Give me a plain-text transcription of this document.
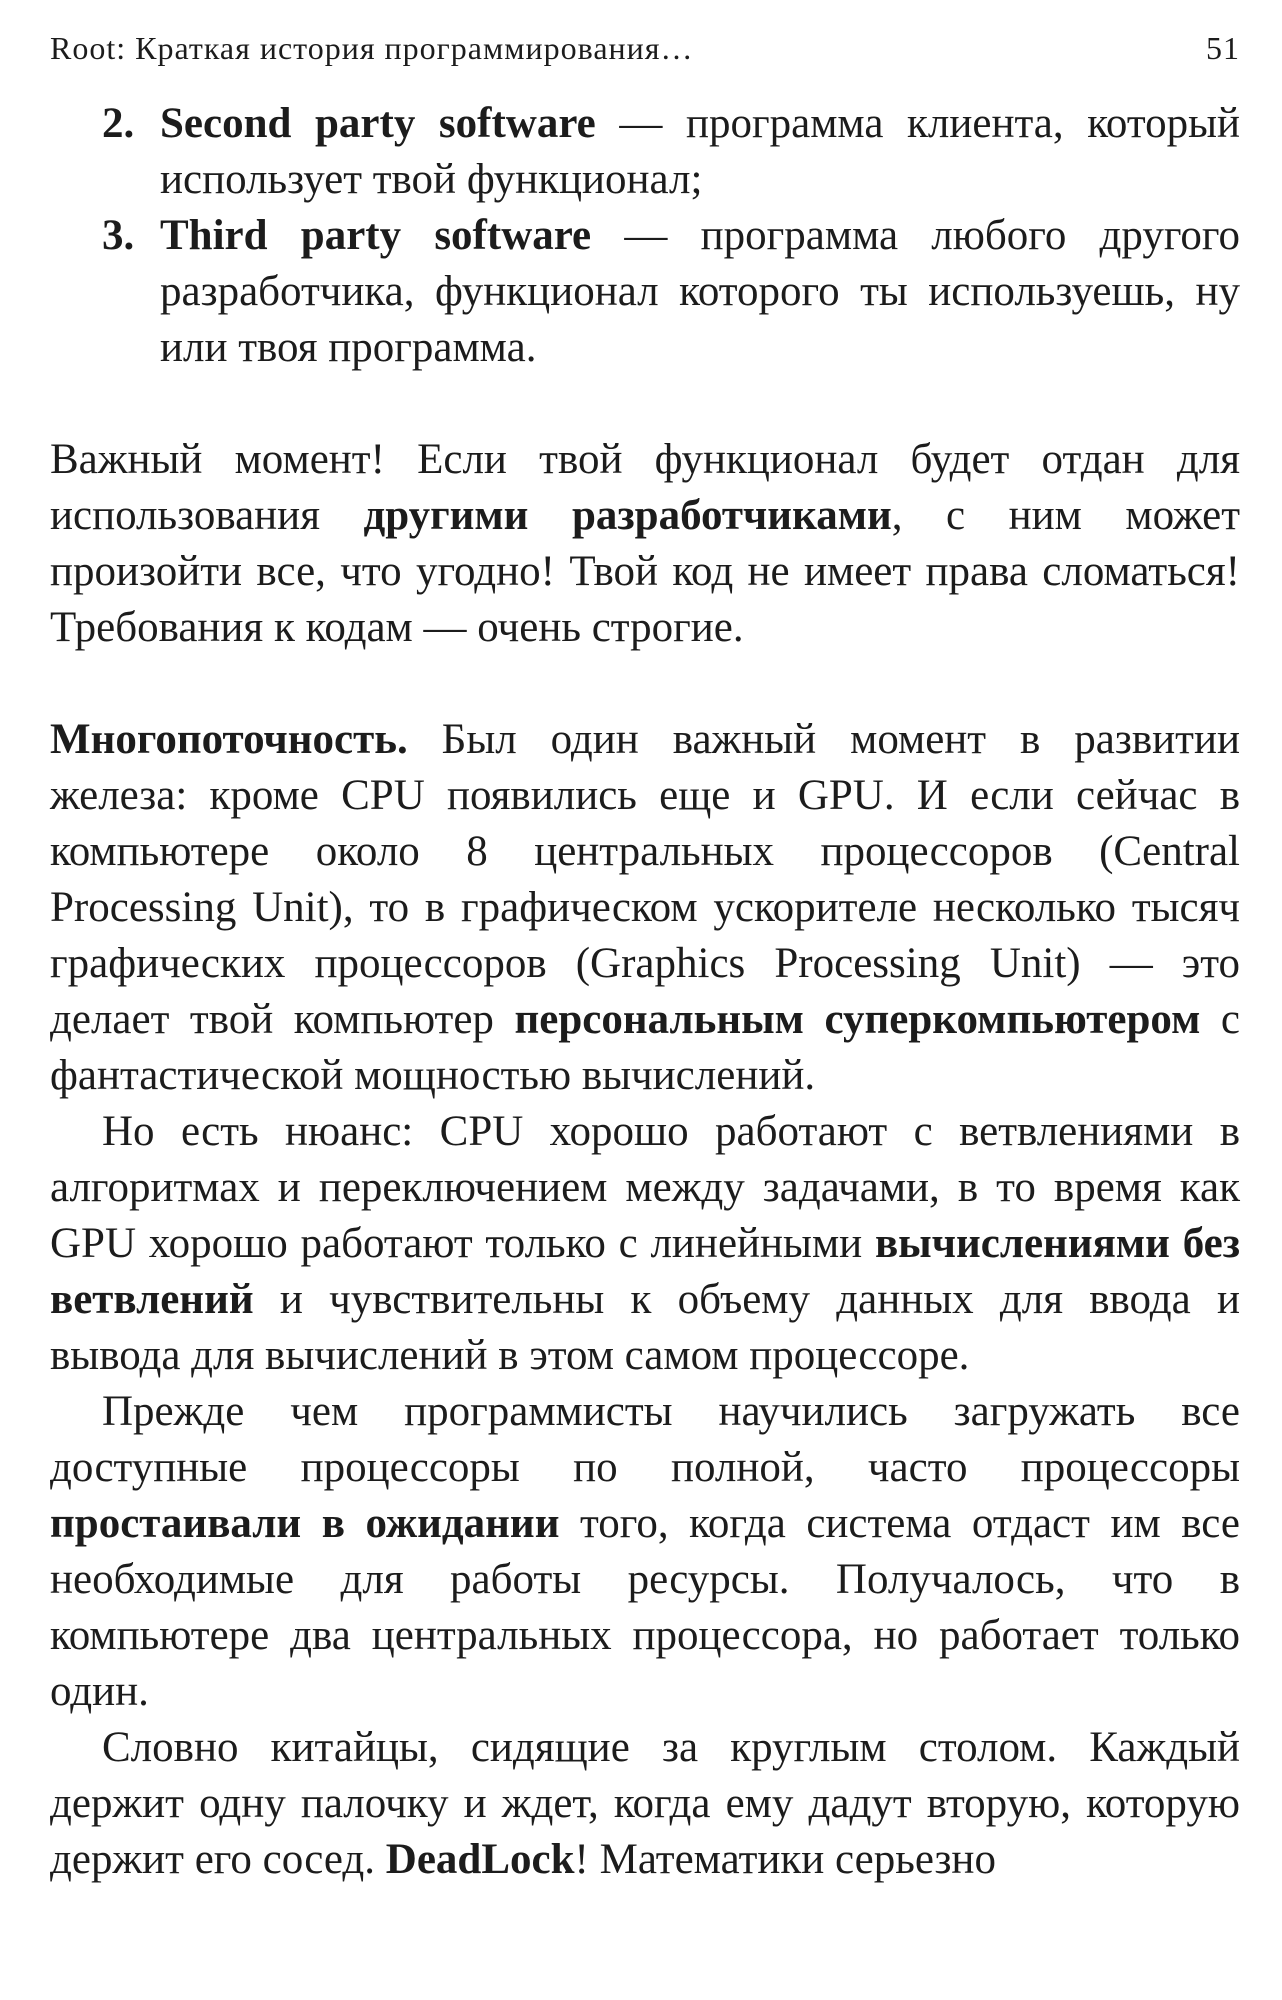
Root: Краткая история программирования…	51
2. Second party software — программа клиента, который использует твой функционал;
3. Third party software — программа любого другого разработчика, функционал которого ты используешь, ну или твоя программа.

Важный момент! Если твой функционал будет отдан для использования другими разработчиками, с ним может произойти все, что угодно! Твой код не имеет права сломаться! Требования к кодам — очень строгие.

Многопоточность. Был один важный момент в развитии железа: кроме CPU появились еще и GPU. И если сейчас в компьютере около 8 центральных процессоров (Central Processing Unit), то в графическом ускорителе несколько тысяч графических процессоров (Graphics Processing Unit) — это делает твой компьютер персональным суперкомпьютером с фантастической мощностью вычислений.

Но есть нюанс: CPU хорошо работают с ветвлениями в алгоритмах и переключением между задачами, в то время как GPU хорошо работают только с линейными вычислениями без ветвлений и чувствительны к объему данных для ввода и вывода для вычислений в этом самом процессоре.

Прежде чем программисты научились загружать все доступные процессоры по полной, часто процессоры простаивали в ожидании того, когда система отдаст им все необходимые для работы ресурсы. Получалось, что в компьютере два центральных процессора, но работает только один.

Словно китайцы, сидящие за круглым столом. Каждый держит одну палочку и ждет, когда ему дадут вторую, которую держит его сосед. DeadLock! Математики серьезно
